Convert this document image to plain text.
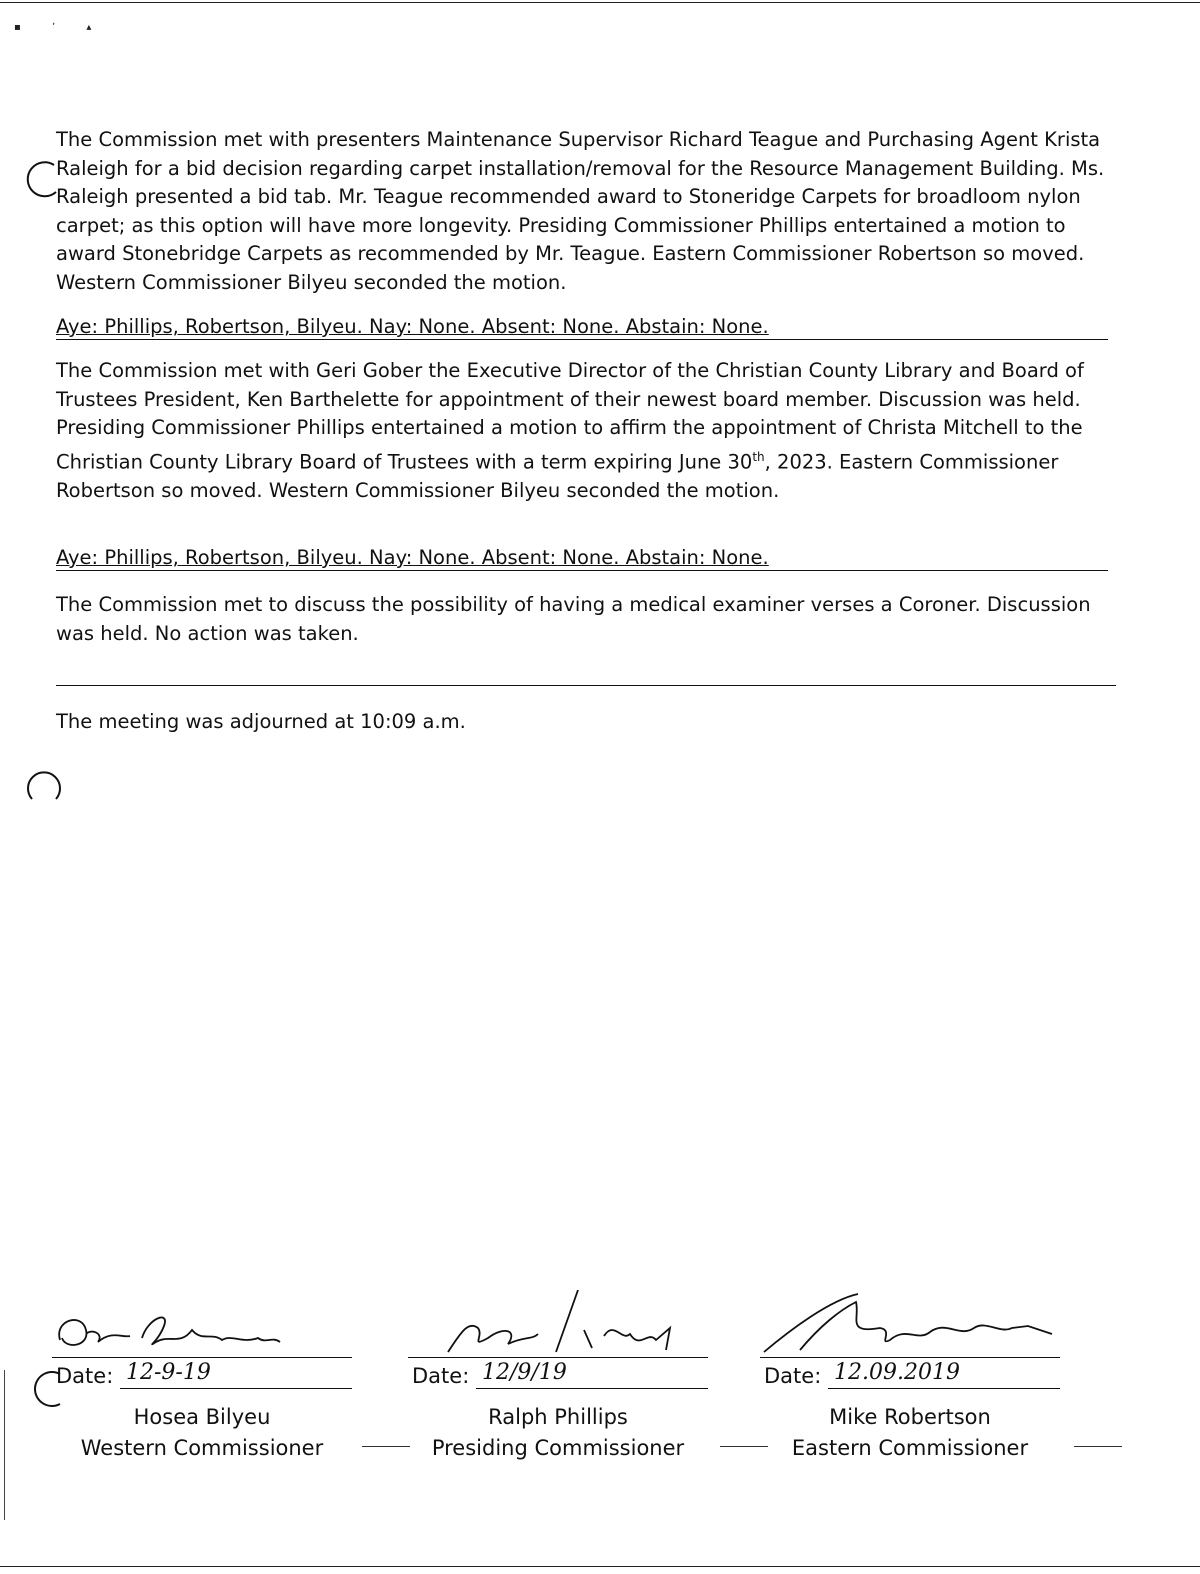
▪ ʼ ▴

The Commission met with presenters Maintenance Supervisor Richard Teague and Purchasing Agent Krista Raleigh for a bid decision regarding carpet installation/removal for the Resource Management Building. Ms. Raleigh presented a bid tab. Mr. Teague recommended award to Stoneridge Carpets for broadloom nylon carpet; as this option will have more longevity. Presiding Commissioner Phillips entertained a motion to award Stonebridge Carpets as recommended by Mr. Teague. Eastern Commissioner Robertson so moved. Western Commissioner Bilyeu seconded the motion.

Aye: Phillips, Robertson, Bilyeu. Nay: None. Absent: None. Abstain: None.

The Commission met with Geri Gober the Executive Director of the Christian County Library and Board of Trustees President, Ken Barthelette for appointment of their newest board member. Discussion was held. Presiding Commissioner Phillips entertained a motion to affirm the appointment of Christa Mitchell to the Christian County Library Board of Trustees with a term expiring June 30th, 2023. Eastern Commissioner Robertson so moved. Western Commissioner Bilyeu seconded the motion.

Aye: Phillips, Robertson, Bilyeu. Nay: None. Absent: None. Abstain: None.

The Commission met to discuss the possibility of having a medical examiner verses a Coroner. Discussion was held. No action was taken.

The meeting was adjourned at 10:09 a.m.

Date: 12-9-19
Hosea Bilyeu
Western Commissioner
Date: 12/9/19
Ralph Phillips
Presiding Commissioner
Date: 12.09.2019
Mike Robertson
Eastern Commissioner
